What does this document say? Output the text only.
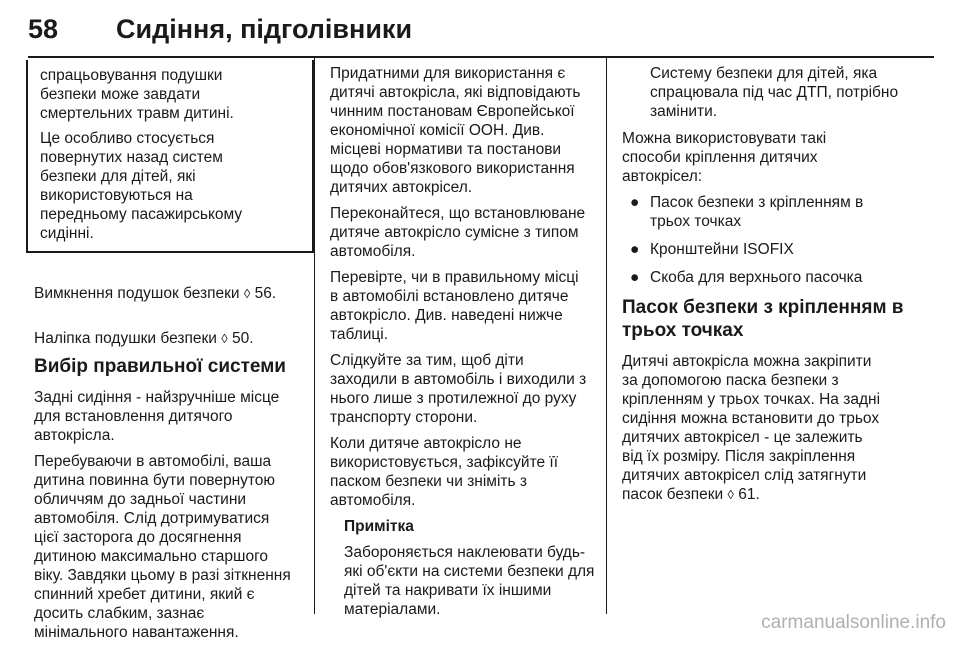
58 Сидіння, підголівники

спрацьовування подушки
безпеки може завдати
смертельних травм дитині.

Це особливо стосується
повернутих назад систем
безпеки для дітей, які
використовуються на
передньому пасажирському
сидінні.

Вимкнення подушок безпеки ◊ 56.

Наліпка подушки безпеки ◊ 50.

Вибір правильної системи

Задні сидіння - найзручніше місце
для встановлення дитячого
автокрісла.

Перебуваючи в автомобілі, ваша
дитина повинна бути повернутою
обличчям до задньої частини
автомобіля. Слід дотримуватися
цієї засторога до досягнення
дитиною максимально старшого
віку. Завдяки цьому в разі зіткнення
спинний хребет дитини, який є
досить слабким, зазнає
мінімального навантаження.

Придатними для використання є
дитячі автокрісла, які відповідають
чинним постановам Європейської
економічної комісії ООН. Див.
місцеві нормативи та постанови
щодо обов'язкового використання
дитячих автокрісел.

Переконайтеся, що встановлюване
дитяче автокрісло сумісне з типом
автомобіля.

Перевірте, чи в правильному місці
в автомобілі встановлено дитяче
автокрісло. Див. наведені нижче
таблиці.

Слідкуйте за тим, щоб діти
заходили в автомобіль і виходили з
нього лише з протилежної до руху
транспорту сторони.

Коли дитяче автокрісло не
використовується, зафіксуйте її
паском безпеки чи зніміть з
автомобіля.

Примітка

Забороняється наклеювати будь-
які об'єкти на системи безпеки для
дітей та накривати їх іншими
матеріалами.

Систему безпеки для дітей, яка
спрацювала під час ДТП, потрібно
замінити.

Можна використовувати такі
способи кріплення дитячих
автокрісел:

● Пасок безпеки з кріпленням в
трьох точках
● Кронштейни ISOFIX
● Скоба для верхнього пасочка
Пасок безпеки з кріпленням в
трьох точках

Дитячі автокрісла можна закріпити
за допомогою паска безпеки з
кріпленням у трьох точках. На задні
сидіння можна встановити до трьох
дитячих автокрісел - це залежить
від їх розміру. Після закріплення
дитячих автокрісел слід затягнути
пасок безпеки ◊ 61.

carmanualsonline.info
